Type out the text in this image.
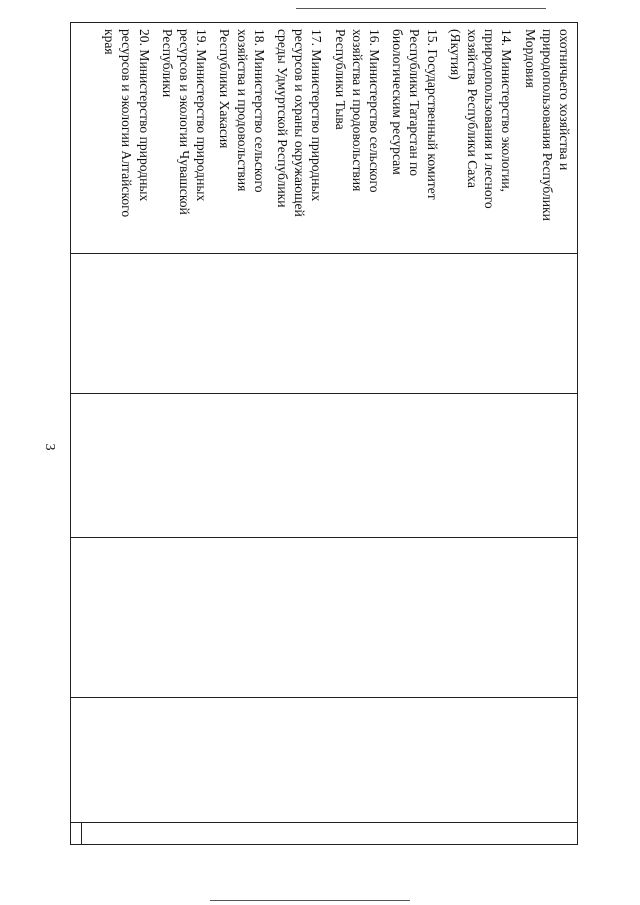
3
охотничьего хозяйства и
природопользования Республики
Мордовия
14. Министерство экологии,
природопользования и лесного
хозяйства Республики Саха
(Якутия)
15. Государственный комитет
Республики Татарстан по
биологическим ресурсам
16. Министерство сельского
хозяйства и продовольствия
Республики Тыва
17. Министерство природных
ресурсов и охраны окружающей
среды Удмуртской Республики
18. Министерство сельского
хозяйства и продовольствия
Республики Хакасия
19. Министерство природных
ресурсов и экологии Чувашской
Республики
20. Министерство природных
ресурсов и экологии Алтайского
края
